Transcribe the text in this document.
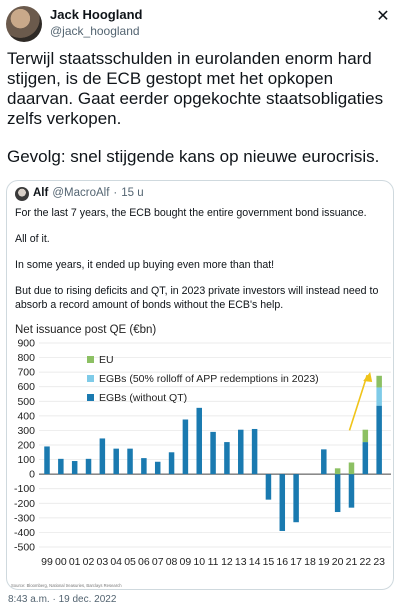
Jack Hoogland
@jack_hoogland
✕

Terwijl staatsschulden in eurolanden enorm hard stijgen, is de ECB gestopt met het opkopen daarvan. Gaat eerder opgekochte staatsobligaties zelfs verkopen.

Gevolg: snel stijgende kans op nieuwe eurocrisis.

Alf @MacroAlf · 15 u
For the last 7 years, the ECB bought the entire government bond issuance.
All of it.
In some years, it ended up buying even more than that!
But due to rising deficits and QT, in 2023 private investors will instead need to absorb a record amount of bonds without the ECB's help.
Net issuance post QE (€bn)
900
800
700
600
500
400
300
200
100
0
-100
-200
-300
-400
-500
99 00 01 02 03 04 05 06 07 08 09 10 11 12 13 14 15 16 17 18 19 20 21 22 23
EU
EGBs (50% rolloff of APP redemptions in 2023)
EGBs (without QT)
Source: Bloomberg, National treasuries, Barclays Research
8:43 a.m. · 19 dec. 2022
